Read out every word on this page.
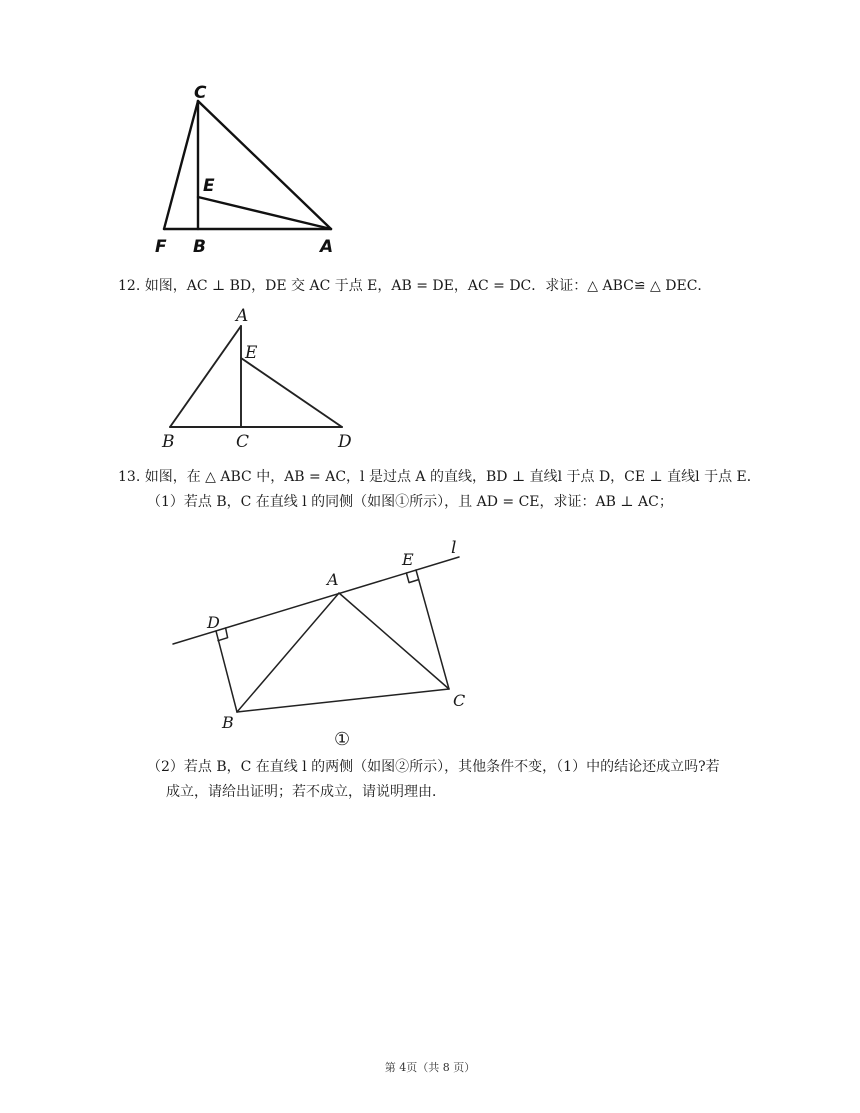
C
E
F B	A
12. 如图，AC ⊥ BD，DE 交 AC 于点 E，AB = DE，AC = DC．求证：△ ABC≌ △ DEC．
A
E
B	C	D
13. 如图，在 △ ABC 中，AB = AC，l 是过点 A 的直线，BD ⊥ 直线l 于点 D，CE ⊥ 直线l 于点 E．
（1）若点 B，C 在直线 l 的同侧（如图①所示），且 AD = CE，求证：AB ⊥ AC；
A
E
l
D
B
C
①
（2）若点 B，C 在直线 l 的两侧（如图②所示），其他条件不变，（1）中的结论还成立吗?若
成立，请给出证明；若不成立，请说明理由．
第 4页（共 8 页）
